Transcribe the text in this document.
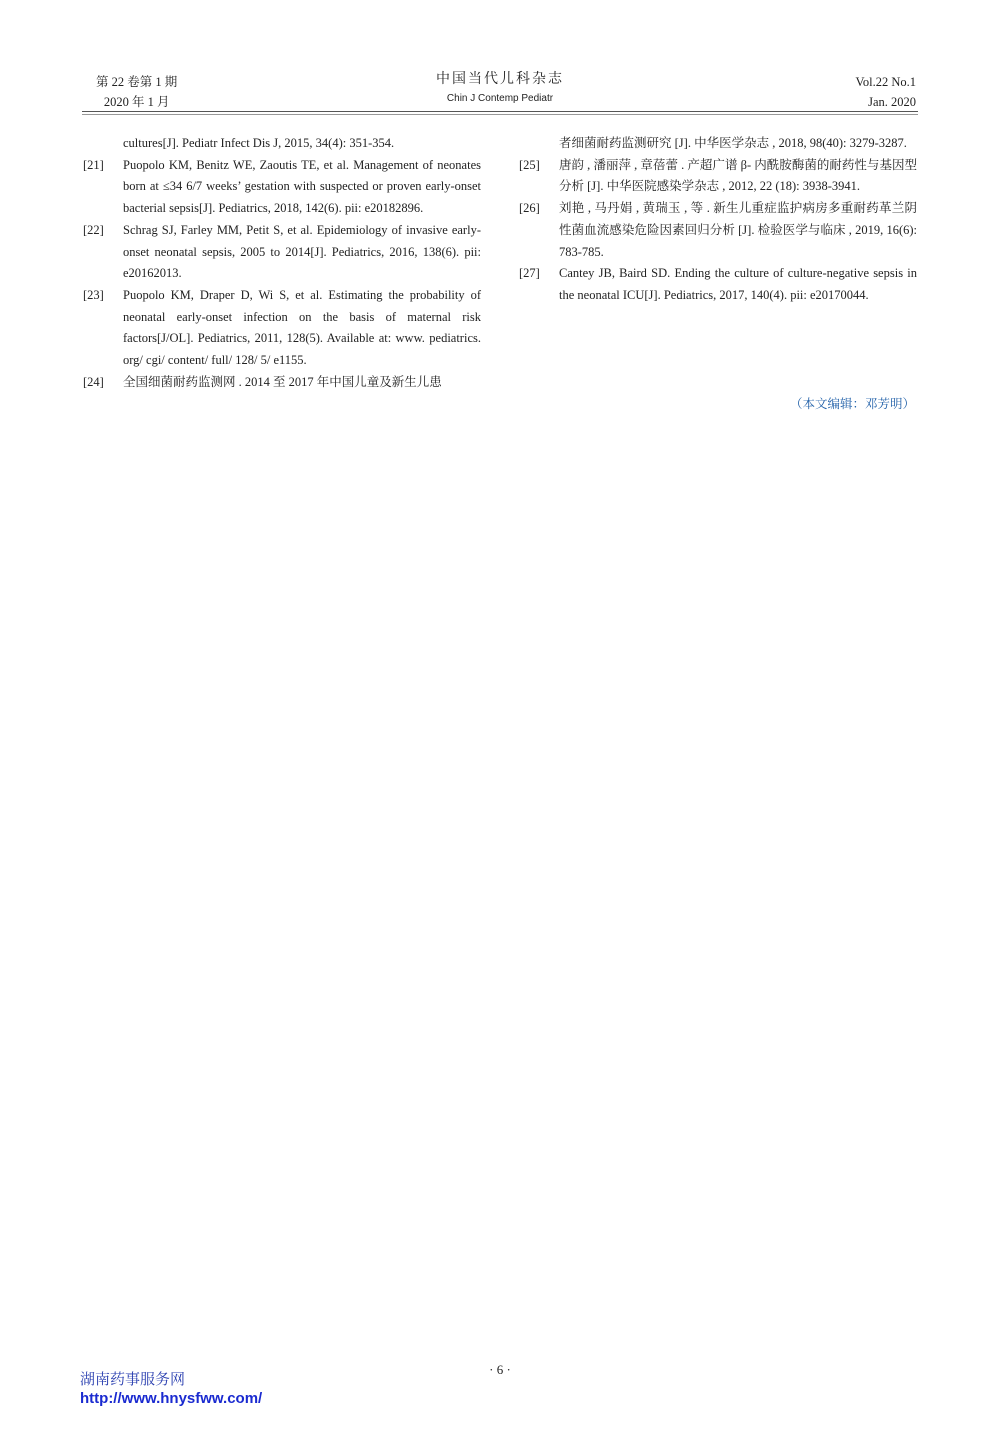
第 22 卷第 1 期
2020 年 1 月
中国当代儿科杂志
Chin J Contemp Pediatr
Vol.22 No.1
Jan. 2020
cultures[J]. Pediatr Infect Dis J, 2015, 34(4): 351-354.
[21] Puopolo KM, Benitz WE, Zaoutis TE, et al. Management of neonates born at ≤34 6/7 weeks’ gestation with suspected or proven early-onset bacterial sepsis[J]. Pediatrics, 2018, 142(6). pii: e20182896.
[22] Schrag SJ, Farley MM, Petit S, et al. Epidemiology of invasive early-onset neonatal sepsis, 2005 to 2014[J]. Pediatrics, 2016, 138(6). pii: e20162013.
[23] Puopolo KM, Draper D, Wi S, et al. Estimating the probability of neonatal early-onset infection on the basis of maternal risk factors[J/OL]. Pediatrics, 2011, 128(5). Available at: www. pediatrics. org/ cgi/ content/ full/ 128/ 5/ e1155.
[24] 全国细菌耐药监测网 . 2014 至 2017 年中国儿童及新生儿患
者细菌耐药监测研究 [J]. 中华医学杂志 , 2018, 98(40): 3279-3287.
[25] 唐韵 , 潘丽萍 , 章蓓蕾 . 产超广谱 β- 内酰胺酶菌的耐药性与基因型分析 [J]. 中华医院感染学杂志 , 2012, 22 (18): 3938-3941.
[26] 刘艳 , 马丹娟 , 黄瑞玉 , 等 . 新生儿重症监护病房多重耐药革兰阴性菌血流感染危险因素回归分析 [J]. 检验医学与临床 , 2019, 16(6): 783-785.
[27] Cantey JB, Baird SD. Ending the culture of culture-negative sepsis in the neonatal ICU[J]. Pediatrics, 2017, 140(4). pii: e20170044.
（本文编辑：邓芳明）
· 6 ·
湖南药事服务网
http://www.hnysfww.com/
